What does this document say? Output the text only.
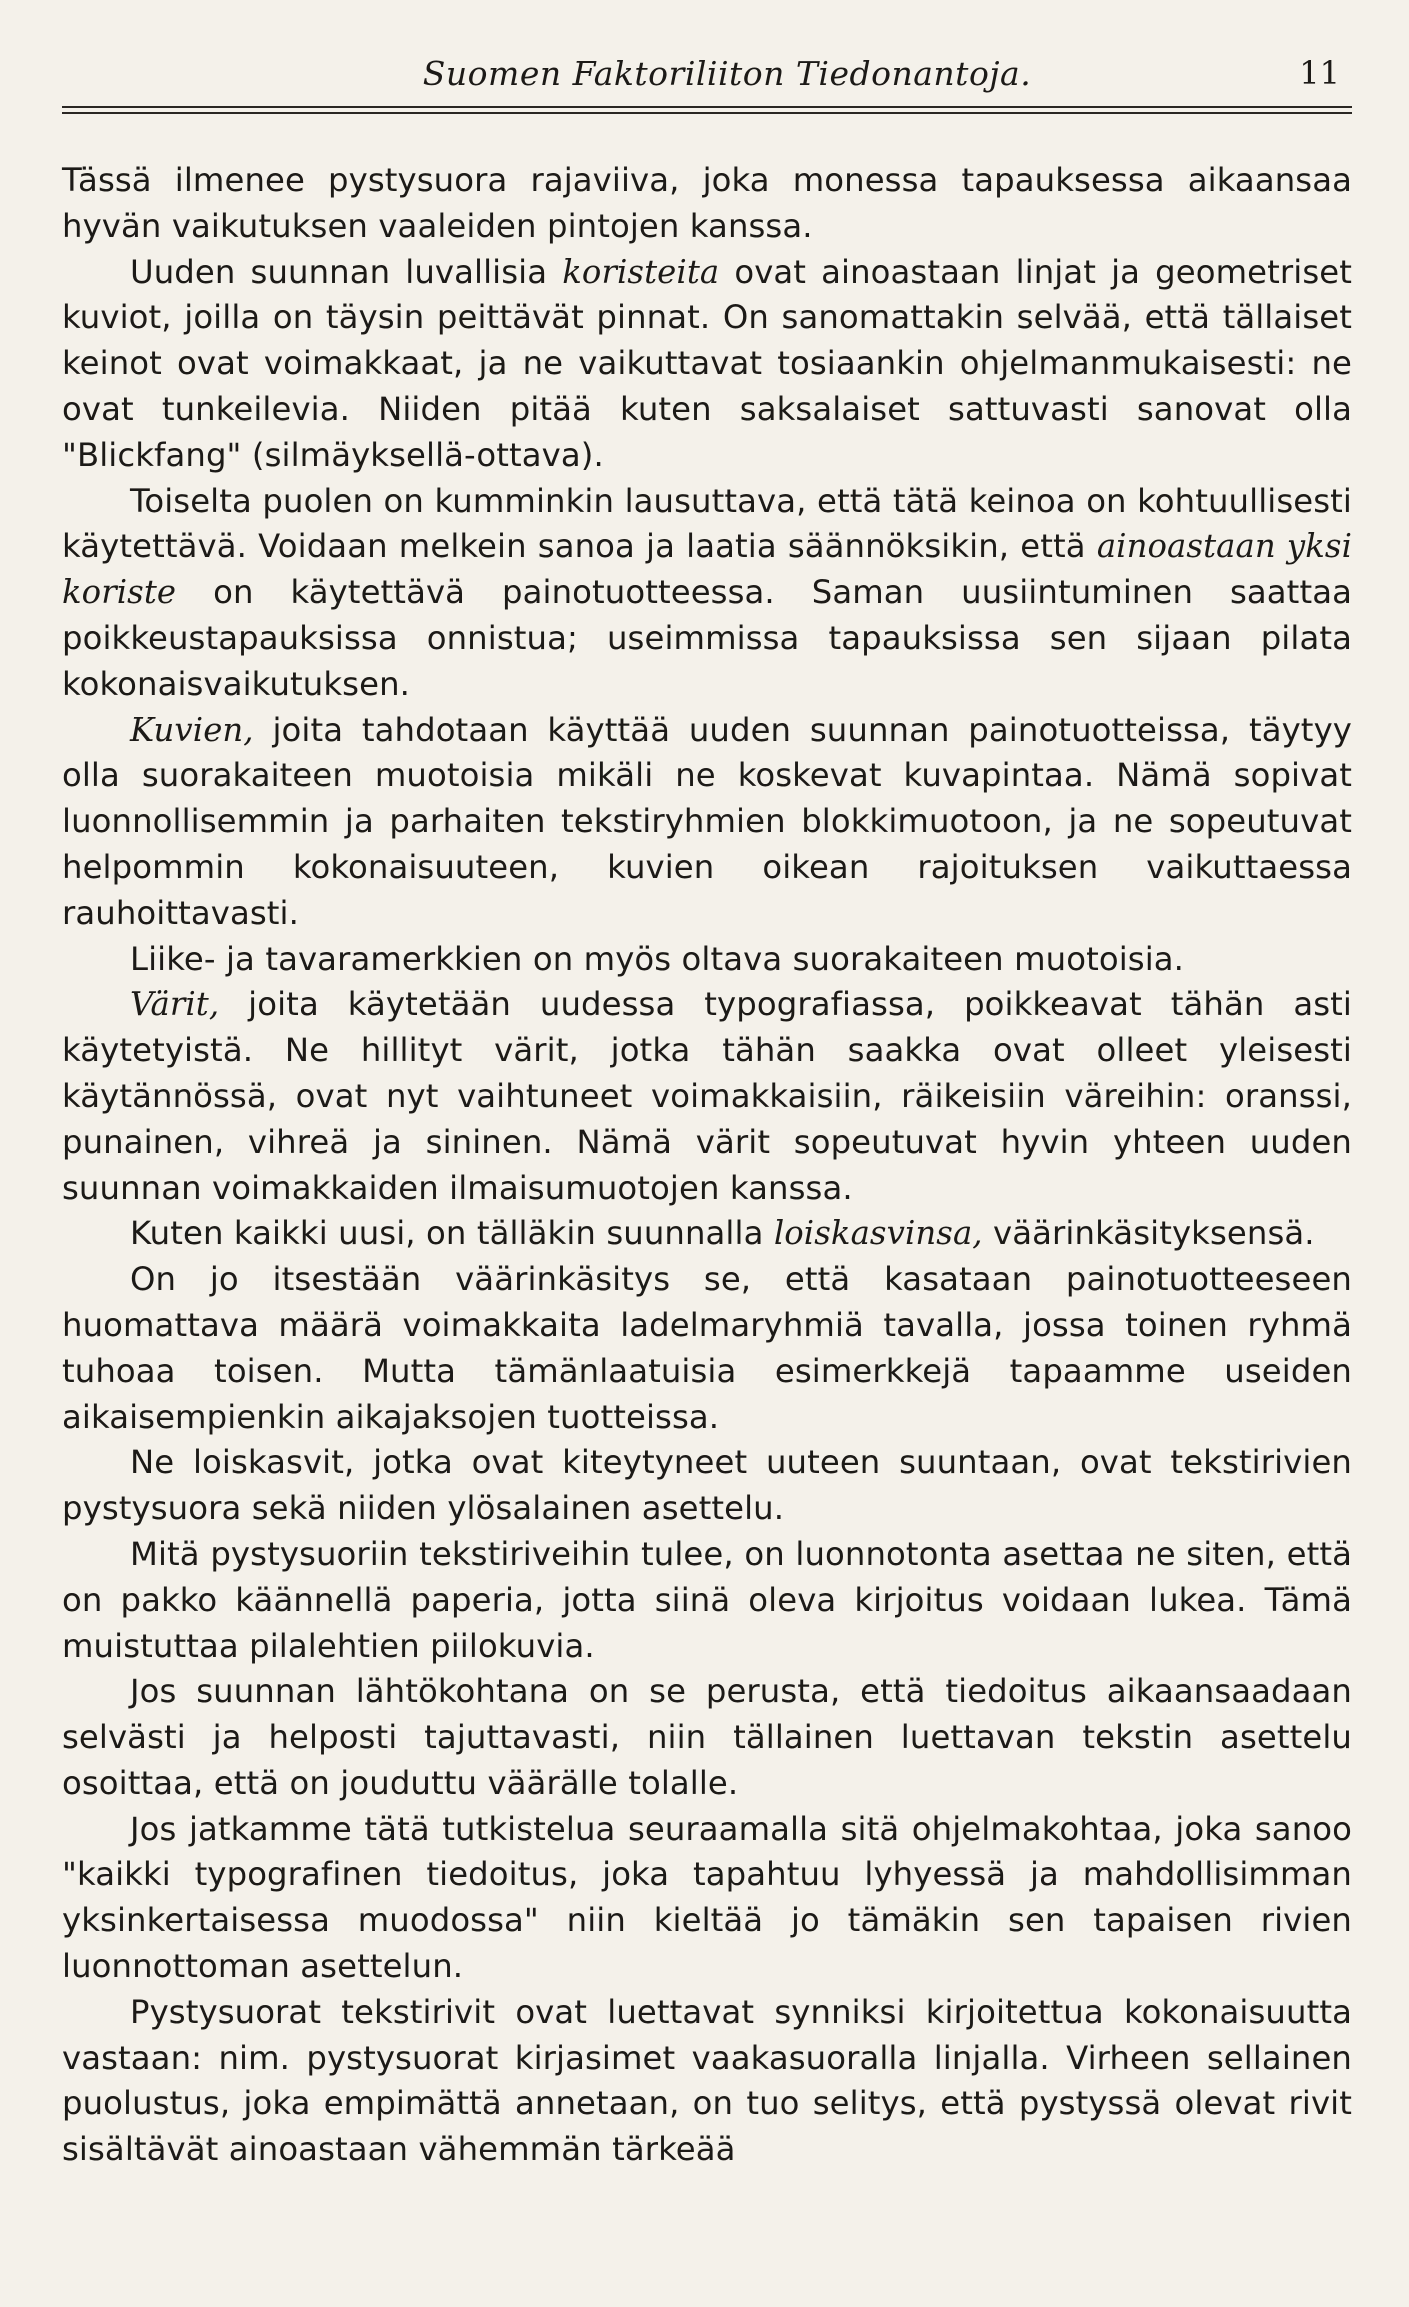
Suomen Faktoriliiton Tiedonantoja.	11

Tässä ilmenee pystysuora rajaviiva, joka monessa tapauksessa aikaansaa hyvän vaikutuksen vaaleiden pintojen kanssa.

Uuden suunnan luvallisia koristeita ovat ainoastaan linjat ja geometriset kuviot, joilla on täysin peittävät pinnat. On sanomattakin selvää, että tällaiset keinot ovat voimakkaat, ja ne vaikuttavat tosiaankin ohjelmanmukaisesti: ne ovat tunkeilevia. Niiden pitää kuten saksalaiset sattuvasti sanovat olla "Blickfang" (silmäyksellä-ottava).

Toiselta puolen on kumminkin lausuttava, että tätä keinoa on kohtuullisesti käytettävä. Voidaan melkein sanoa ja laatia säännöksikin, että ainoastaan yksi koriste on käytettävä painotuotteessa. Saman uusiintuminen saattaa poikkeustapauksissa onnistua; useimmissa tapauksissa sen sijaan pilata kokonaisvaikutuksen.

Kuvien, joita tahdotaan käyttää uuden suunnan painotuotteissa, täytyy olla suorakaiteen muotoisia mikäli ne koskevat kuvapintaa. Nämä sopivat luonnollisemmin ja parhaiten tekstiryhmien blokkimuotoon, ja ne sopeutuvat helpommin kokonaisuuteen, kuvien oikean rajoituksen vaikuttaessa rauhoittavasti.

Liike- ja tavaramerkkien on myös oltava suorakaiteen muotoisia.

Värit, joita käytetään uudessa typografiassa, poikkeavat tähän asti käytetyistä. Ne hillityt värit, jotka tähän saakka ovat olleet yleisesti käytännössä, ovat nyt vaihtuneet voimakkaisiin, räikeisiin väreihin: oranssi, punainen, vihreä ja sininen. Nämä värit sopeutuvat hyvin yhteen uuden suunnan voimakkaiden ilmaisumuotojen kanssa.

Kuten kaikki uusi, on tälläkin suunnalla loiskasvinsa, väärinkäsityksensä.

On jo itsestään väärinkäsitys se, että kasataan painotuotteeseen huomattava määrä voimakkaita ladelmaryhmiä tavalla, jossa toinen ryhmä tuhoaa toisen. Mutta tämänlaatuisia esimerkkejä tapaamme useiden aikaisempienkin aikajaksojen tuotteissa.

Ne loiskasvit, jotka ovat kiteytyneet uuteen suuntaan, ovat tekstirivien pystysuora sekä niiden ylösalainen asettelu.

Mitä pystysuoriin tekstiriveihin tulee, on luonnotonta asettaa ne siten, että on pakko käännellä paperia, jotta siinä oleva kirjoitus voidaan lukea. Tämä muistuttaa pilalehtien piilokuvia.

Jos suunnan lähtökohtana on se perusta, että tiedoitus aikaansaadaan selvästi ja helposti tajuttavasti, niin tällainen luettavan tekstin asettelu osoittaa, että on jouduttu väärälle tolalle.

Jos jatkamme tätä tutkistelua seuraamalla sitä ohjelmakohtaa, joka sanoo "kaikki typografinen tiedoitus, joka tapahtuu lyhyessä ja mahdollisimman yksinkertaisessa muodossa" niin kieltää jo tämäkin sen tapaisen rivien luonnottoman asettelun.

Pystysuorat tekstirivit ovat luettavat synniksi kirjoitettua kokonaisuutta vastaan: nim. pystysuorat kirjasimet vaakasuoralla linjalla. Virheen sellainen puolustus, joka empimättä annetaan, on tuo selitys, että pystyssä olevat rivit sisältävät ainoastaan vähemmän tärkeää
